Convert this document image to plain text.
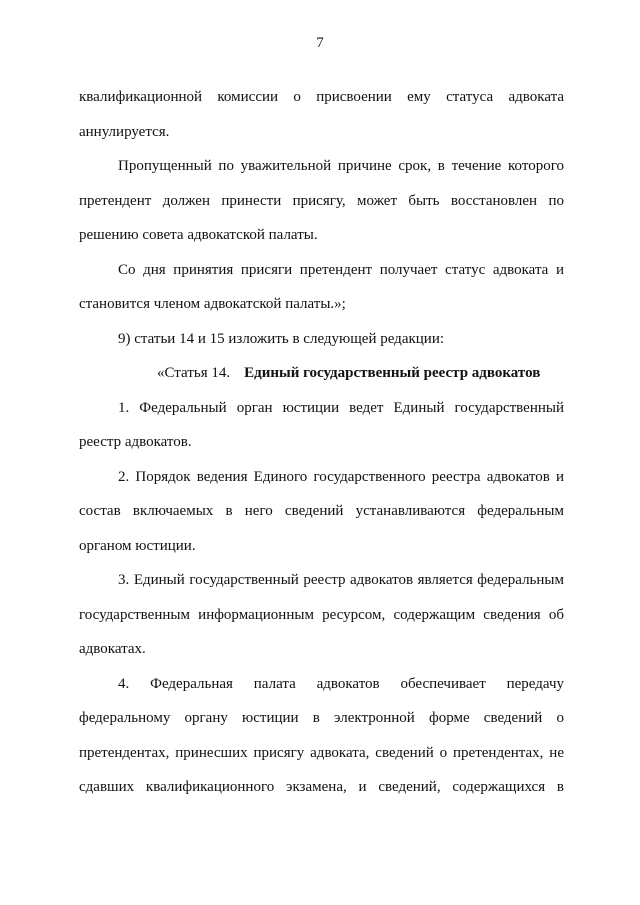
7

квалификационной комиссии о присвоении ему статуса адвоката аннулируется.

Пропущенный по уважительной причине срок, в течение которого претендент должен принести присягу, может быть восстановлен по решению совета адвокатской палаты.

Со дня принятия присяги претендент получает статус адвоката и становится членом адвокатской палаты.»;

9) статьи 14 и 15 изложить в следующей редакции:

«Статья 14. Единый государственный реестр адвокатов

1. Федеральный орган юстиции ведет Единый государственный реестр адвокатов.

2. Порядок ведения Единого государственного реестра адвокатов и состав включаемых в него сведений устанавливаются федеральным органом юстиции.

3. Единый государственный реестр адвокатов является федеральным государственным информационным ресурсом, содержащим сведения об адвокатах.

4. Федеральная палата адвокатов обеспечивает передачу федеральному органу юстиции в электронной форме сведений о претендентах, принесших присягу адвоката, сведений о претендентах, не сдавших квалификационного экзамена, и сведений, содержащихся в
